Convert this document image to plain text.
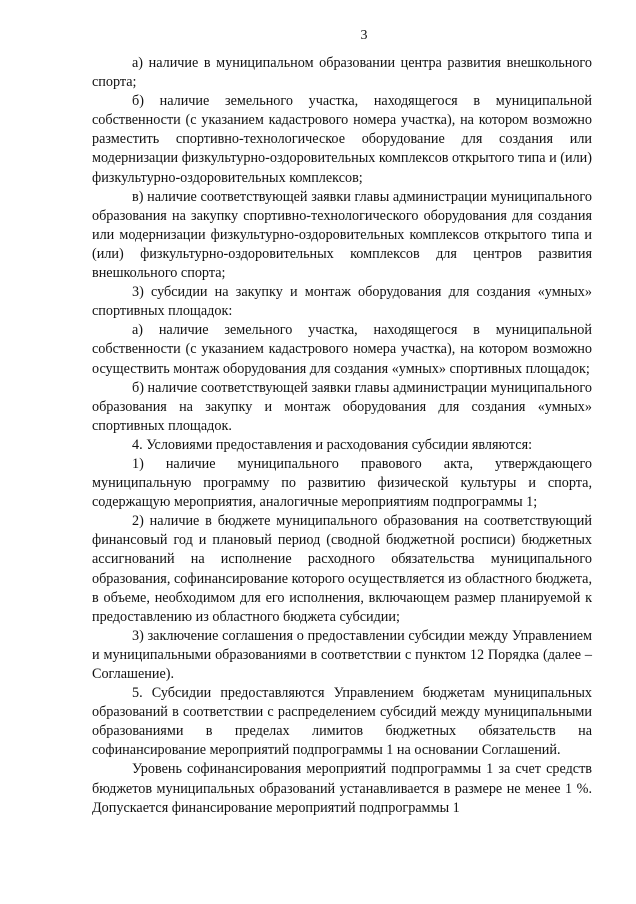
3

а) наличие в муниципальном образовании центра развития внешкольного спорта;

б) наличие земельного участка, находящегося в муниципальной собственности (с указанием кадастрового номера участка), на котором возможно разместить спортивно-технологическое оборудование для создания или модернизации физкультурно-оздоровительных комплексов открытого типа и (или) физкультурно-оздоровительных комплексов;

в) наличие соответствующей заявки главы администрации муниципального образования на закупку спортивно-технологического оборудования для создания или модернизации физкультурно-оздоровительных комплексов открытого типа и (или) физкультурно-оздоровительных комплексов для центров развития внешкольного спорта;

3) субсидии на закупку и монтаж оборудования для создания «умных» спортивных площадок:

а) наличие земельного участка, находящегося в муниципальной собственности (с указанием кадастрового номера участка), на котором возможно осуществить монтаж оборудования для создания «умных» спортивных площадок;

б) наличие соответствующей заявки главы администрации муниципального образования на закупку и монтаж оборудования для создания «умных» спортивных площадок.

4. Условиями предоставления и расходования субсидии являются:

1) наличие муниципального правового акта, утверждающего муниципальную программу по развитию физической культуры и спорта, содержащую мероприятия, аналогичные мероприятиям подпрограммы 1;

2) наличие в бюджете муниципального образования на соответствующий финансовый год и плановый период (сводной бюджетной росписи) бюджетных ассигнований на исполнение расходного обязательства муниципального образования, софинансирование которого осуществляется из областного бюджета, в объеме, необходимом для его исполнения, включающем размер планируемой к предоставлению из областного бюджета субсидии;

3) заключение соглашения о предоставлении субсидии между Управлением и муниципальными образованиями в соответствии с пунктом 12 Порядка (далее – Соглашение).

5. Субсидии предоставляются Управлением бюджетам муниципальных образований в соответствии с распределением субсидий между муниципальными образованиями в пределах лимитов бюджетных обязательств на софинансирование мероприятий подпрограммы 1 на основании Соглашений.

Уровень софинансирования мероприятий подпрограммы 1 за счет средств бюджетов муниципальных образований устанавливается в размере не менее 1 %. Допускается финансирование мероприятий подпрограммы 1
